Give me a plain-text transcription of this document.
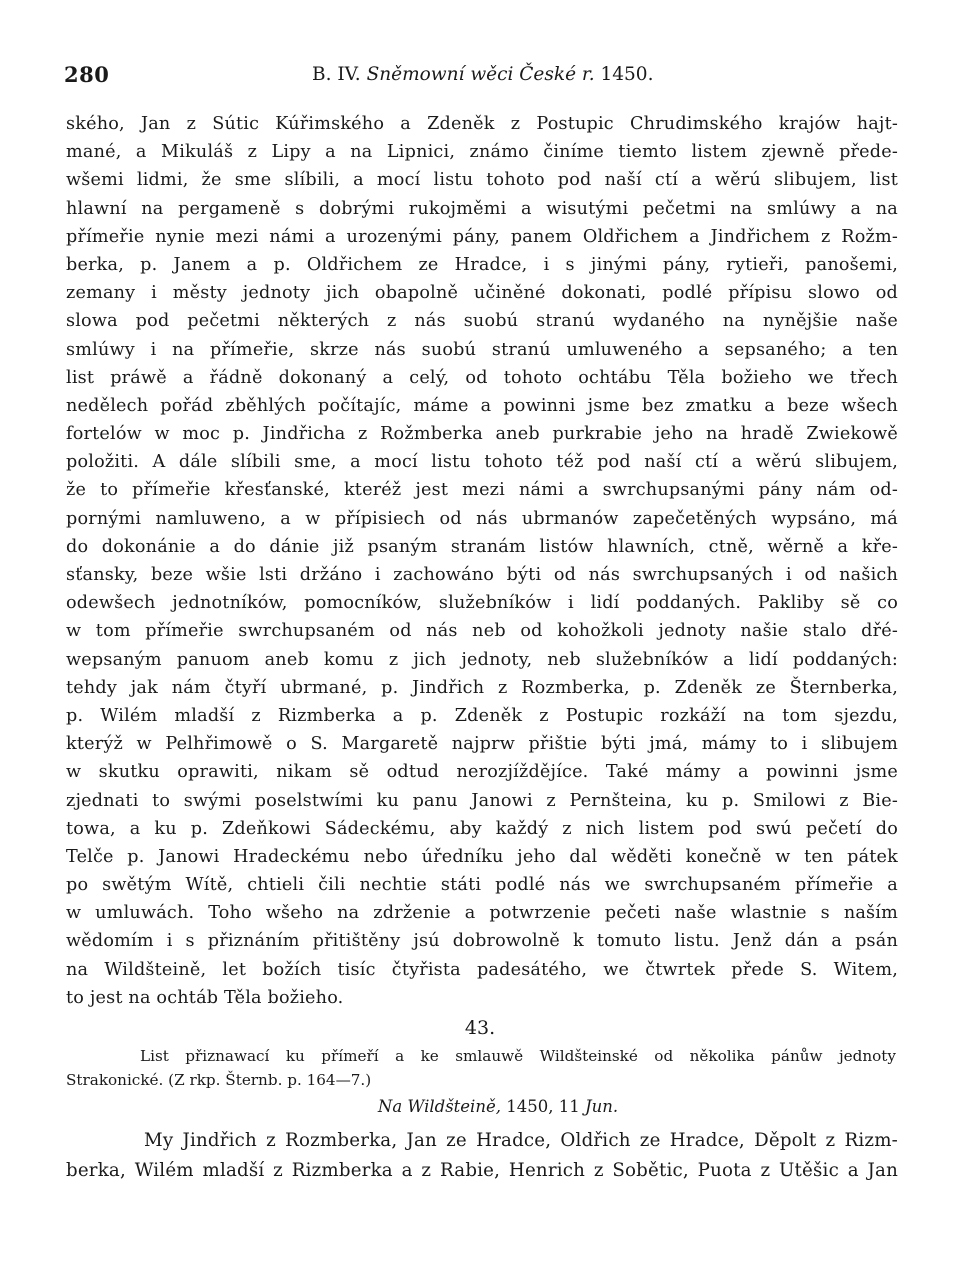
280	B. IV. Sněmowní wěci České r. 1450.
ského, Jan z Sútic Kúřimského a Zdeněk z Postupic Chrudimského krajów hajt-
mané, a Mikuláš z Lipy a na Lipnici, známo činíme tiemto listem zjewně přede-
wšemi lidmi, že sme slíbili, a mocí listu tohoto pod naší ctí a wěrú slibujem, list
hlawní na pergameně s dobrými rukojměmi a wisutými pečetmi na smlúwy a na
přímeřie nynie mezi námi a urozenými pány, panem Oldřichem a Jindřichem z Rožm-
berka, p. Janem a p. Oldřichem ze Hradce, i s jinými pány, rytieři, panošemi,
zemany i městy jednoty jich obapolně učiněné dokonati, podlé přípisu slowo od
slowa pod pečetmi některých z nás suobú stranú wydaného na nynějšie naše
smlúwy i na přímeřie, skrze nás suobú stranú umluweného a sepsaného; a ten
list práwě a řádně dokonaný a celý, od tohoto ochtábu Těla božieho we třech
nedělech pořád zběhlých počítajíc, máme a powinni jsme bez zmatku a beze wšech
fortelów w moc p. Jindřicha z Rožmberka aneb purkrabie jeho na hradě Zwiekowě
položiti. A dále slíbili sme, a mocí listu tohoto též pod naší ctí a wěrú slibujem,
že to přímeřie křesťanské, kteréž jest mezi námi a swrchupsanými pány nám od-
pornými namluweno, a w přípisiech od nás ubrmanów zapečetěných wypsáno, má
do dokonánie a do dánie již psaným stranám listów hlawních, ctně, wěrně a kře-
sťansky, beze wšie lsti držáno i zachowáno býti od nás swrchupsaných i od našich
odewšech jednotníków, pomocníków, služebníków i lidí poddaných. Pakliby sě co
w tom přímeřie swrchupsaném od nás neb od kohožkoli jednoty našie stalo dřé-
wepsaným panuom aneb komu z jich jednoty, neb služebníków a lidí poddaných:
tehdy jak nám čtyří ubrmané, p. Jindřich z Rozmberka, p. Zdeněk ze Šternberka,
p. Wilém mladší z Rizmberka a p. Zdeněk z Postupic rozkáží na tom sjezdu,
kterýž w Pelhřimowě o S. Margaretě najprw přištie býti jmá, mámy to i slibujem
w skutku oprawiti, nikam sě odtud nerozjíždějíce. Také mámy a powinni jsme
zjednati to swými poselstwími ku panu Janowi z Pernšteina, ku p. Smilowi z Bie-
towa, a ku p. Zdeňkowi Sádeckému, aby každý z nich listem pod swú pečetí do
Telče p. Janowi Hradeckému nebo úředníku jeho dal wěděti konečně w ten pátek
po swětým Wítě, chtieli čili nechtie státi podlé nás we swrchupsaném přímeřie a
w umluwách. Toho wšeho na zdrženie a potwrzenie pečeti naše wlastnie s naším
wědomím i s přiznáním přitištěny jsú dobrowolně k tomuto listu. Jenž dán a psán
na Wildšteině, let božích tisíc čtyřista padesátého, we čtwrtek přede S. Witem,
to jest na ochtáb Těla božieho.
43.
List přiznawací ku přímeří a ke smlauwě Wildšteinské od několika pánůw jednoty
Strakonické. (Z rkp. Šternb. p. 164—7.)
Na Wildšteině, 1450, 11 Jun.
My Jindřich z Rozmberka, Jan ze Hradce, Oldřich ze Hradce, Děpolt z Rizm-
berka, Wilém mladší z Rizmberka a z Rabie, Henrich z Sobětic, Puota z Utěšic a Jan
